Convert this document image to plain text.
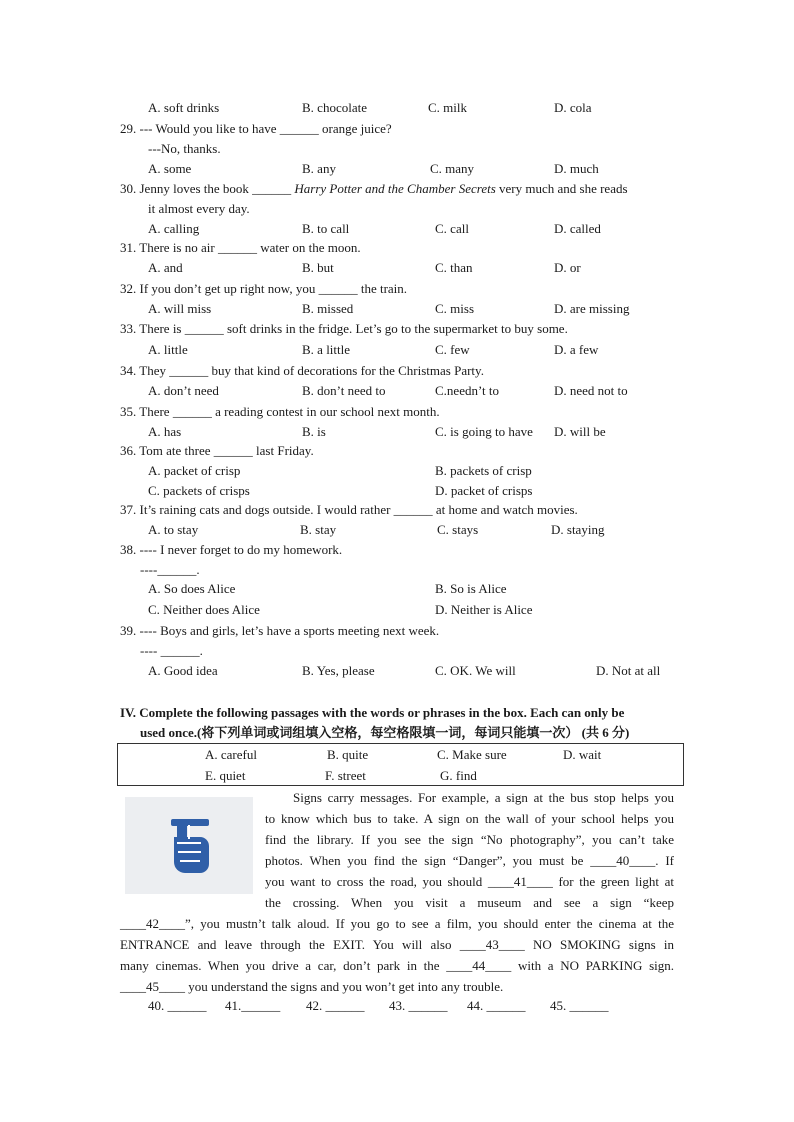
A. soft drinks	B. chocolate	C. milk	D. cola
29. --- Would you like to have ______ orange juice?
---No, thanks.
A. some	B. any	C. many	D. much
30. Jenny loves the book ______ Harry Potter and the Chamber Secrets very much and she reads
it almost every day.
A. calling	B. to call	C. call	D. called
31. There is no air ______ water on the moon.
A. and	B. but	C. than	D. or
32. If you don’t get up right now, you ______ the train.
A. will miss	B. missed	C. miss	D. are missing
33. There is ______ soft drinks in the fridge. Let’s go to the supermarket to buy some.
A. little	B. a little	C. few	D. a few
34. They ______ buy that kind of decorations for the Christmas Party.
A. don’t need	B. don’t need to	C.needn’t to	D. need not to
35. There ______ a reading contest in our school next month.
A. has	B. is	C. is going to have D. will be
36. Tom ate three ______ last Friday.
A. packet of crisp	B. packets of crisp
C. packets of crisps	D. packet of crisps
37. It’s raining cats and dogs outside. I would rather ______ at home and watch movies.
A. to stay	B. stay	C. stays	D. staying
38. ---- I never forget to do my homework.
----______.
A. So does Alice	B. So is Alice
C. Neither does Alice	D. Neither is Alice
39. ---- Boys and girls, let’s have a sports meeting next week.
---- ______.
A. Good idea	B. Yes, please	C. OK. We will	D. Not at all
IV. Complete the following passages with the words or phrases in the box. Each can only be
used once.(将下列单词或词组填入空格，每空格限填一词，每词只能填一次） (共 6 分)
A. careful	B. quite	C. Make sure	D. wait
E. quiet	F. street	G. find
Signs carry messages. For example, a sign at the bus stop helps you
to know which bus to take. A sign on the wall of your school helps you
find the library. If you see the sign “No photography”, you can’t take
photos. When you find the sign “Danger”, you must be ____40____. If
you want to cross the road, you should ____41____ for the green light at
the crossing. When you visit a museum and see a sign “keep
____42____”, you mustn’t talk aloud. If you go to see a film, you should enter the cinema at the
ENTRANCE and leave through the EXIT. You will also ____43____ NO SMOKING signs in
many cinemas. When you drive a car, don’t park in the ____44____ with a NO PARKING sign.
____45____ you understand the signs and you won’t get into any trouble.
40. ______ 41.______ 42. ______ 43. ______ 44. ______ 45. ______
